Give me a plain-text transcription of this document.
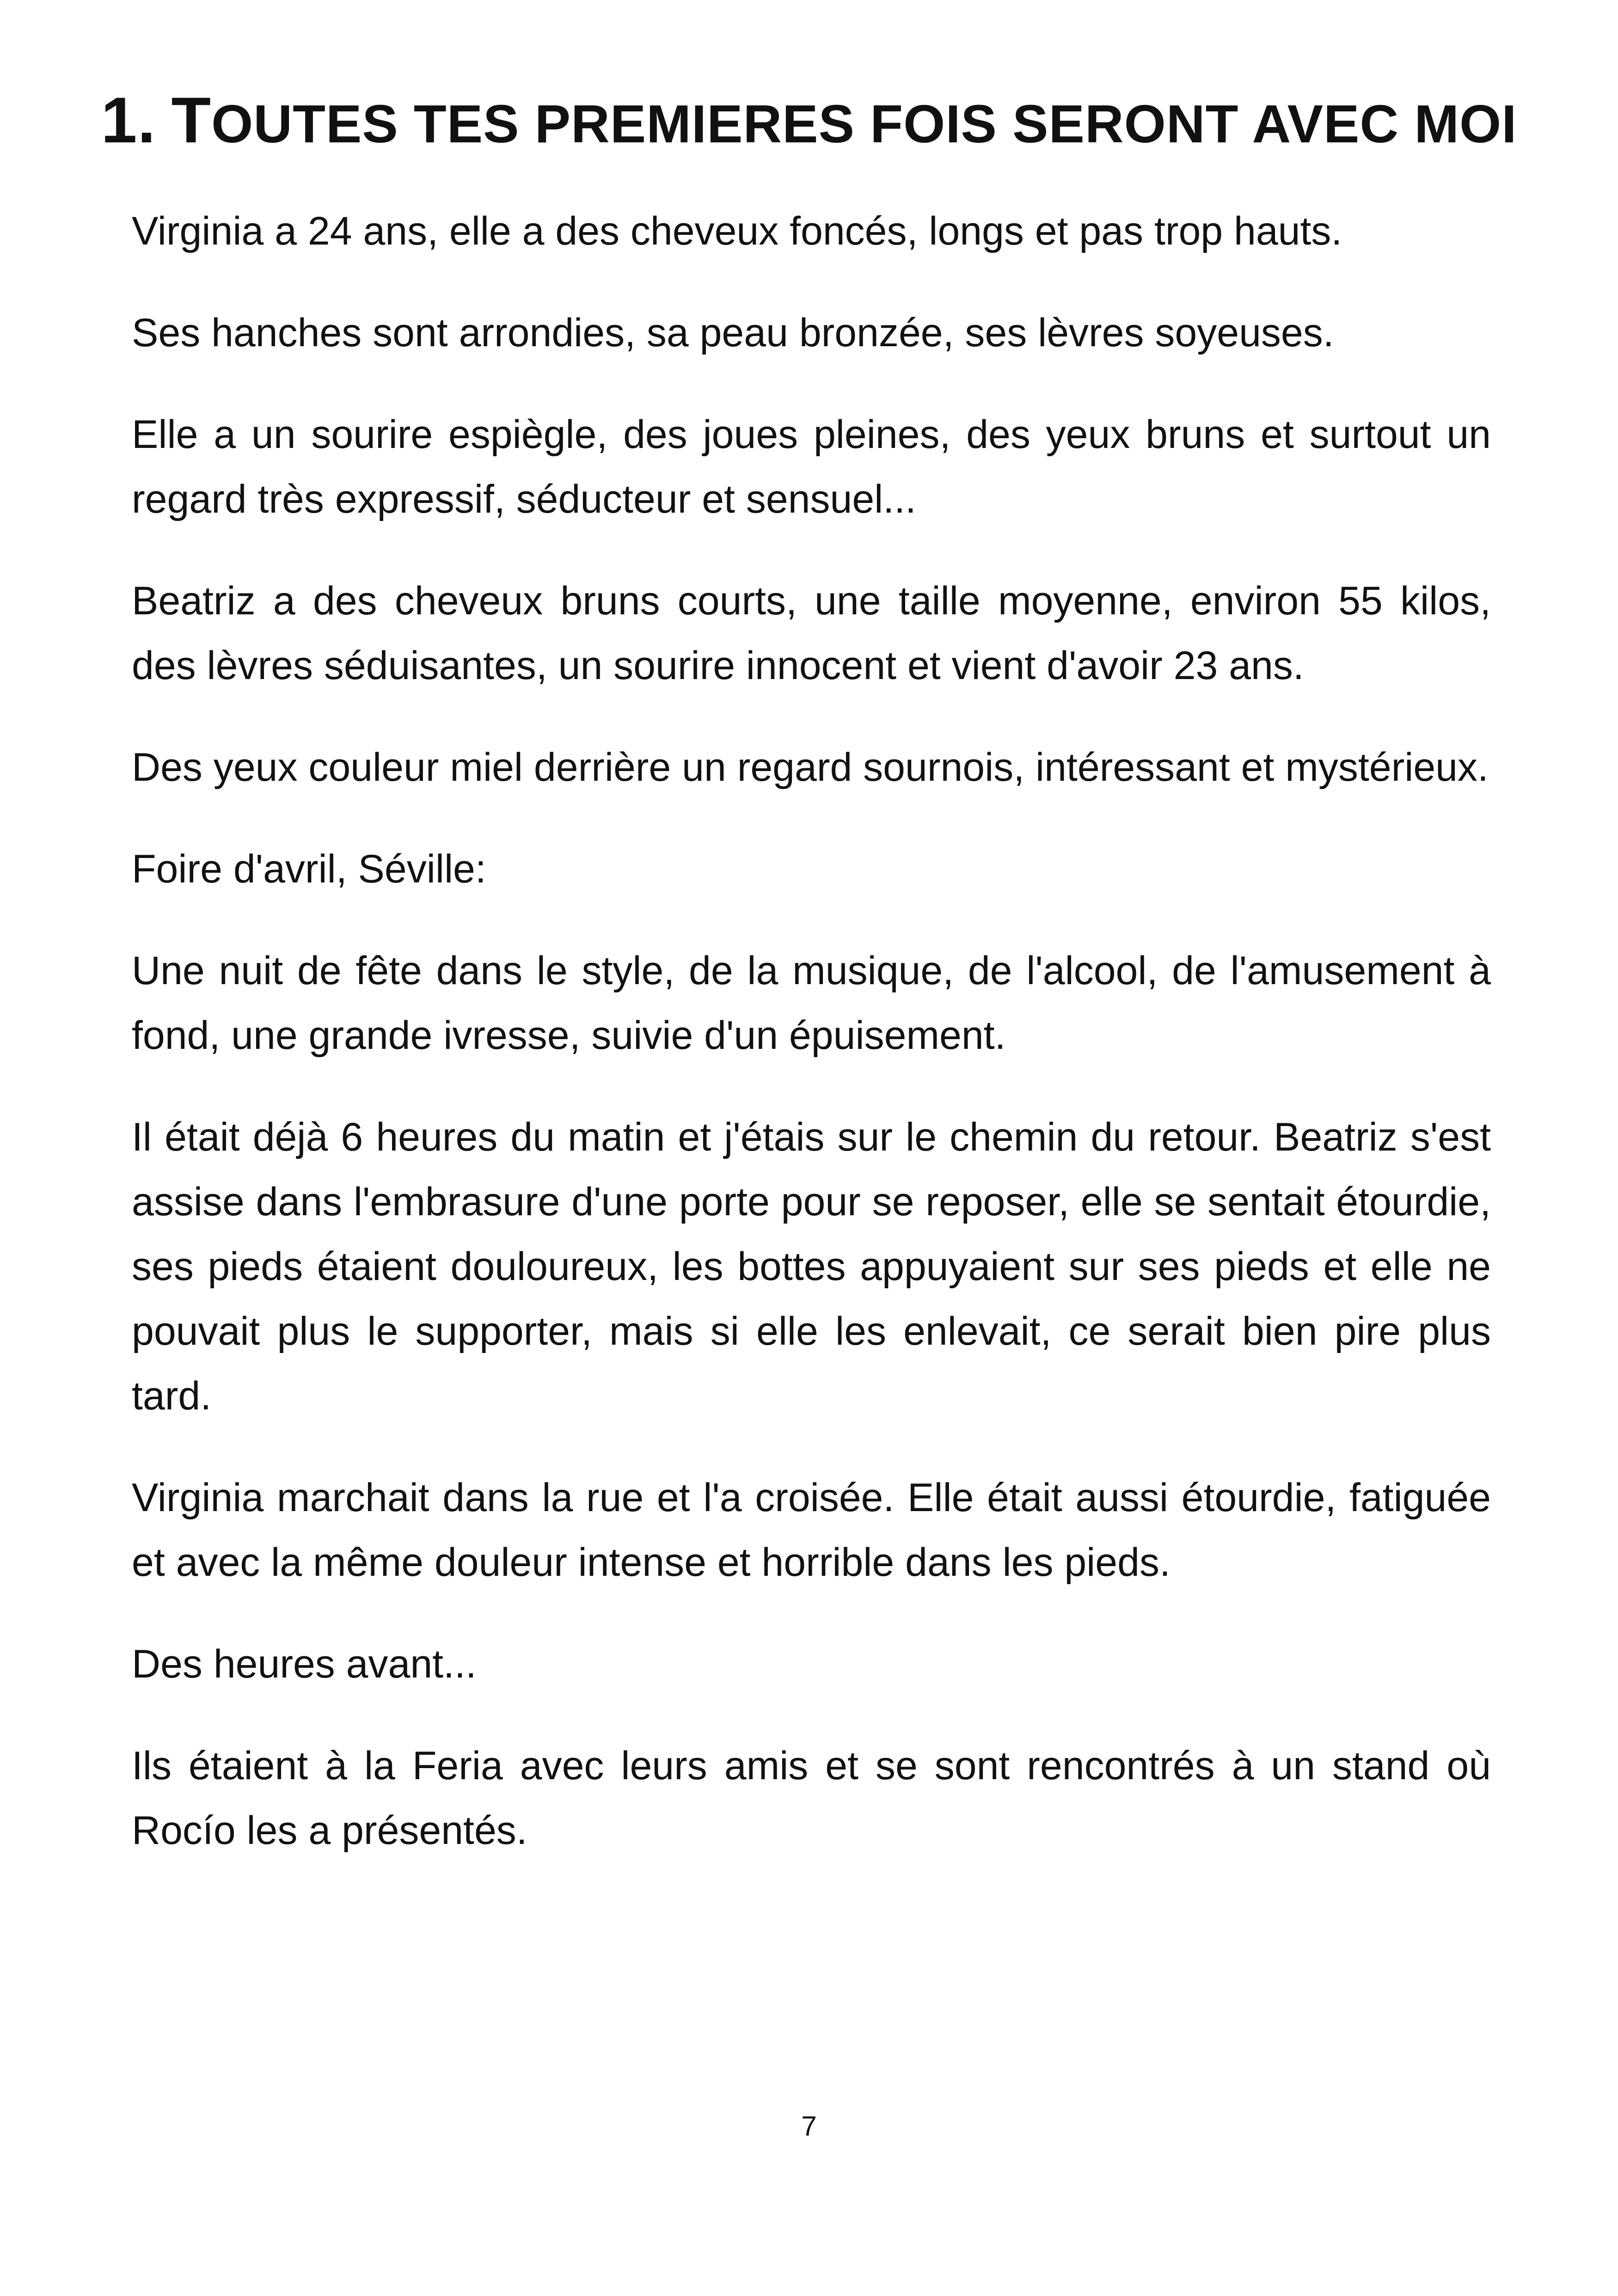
1. TOUTES TES PREMIERES FOIS SERONT AVEC MOI

Virginia a 24 ans, elle a des cheveux foncés, longs et pas trop hauts.

Ses hanches sont arrondies, sa peau bronzée, ses lèvres soyeuses.

Elle a un sourire espiègle, des joues pleines, des yeux bruns et surtout un regard très expressif, séducteur et sensuel...

Beatriz a des cheveux bruns courts, une taille moyenne, environ 55 kilos, des lèvres séduisantes, un sourire innocent et vient d'avoir 23 ans.

Des yeux couleur miel derrière un regard sournois, intéressant et mystérieux.

Foire d'avril, Séville:

Une nuit de fête dans le style, de la musique, de l'alcool, de l'amusement à fond, une grande ivresse, suivie d'un épuisement.

Il était déjà 6 heures du matin et j'étais sur le chemin du retour. Beatriz s'est assise dans l'embrasure d'une porte pour se reposer, elle se sentait étourdie, ses pieds étaient douloureux, les bottes appuyaient sur ses pieds et elle ne pouvait plus le supporter, mais si elle les enlevait, ce serait bien pire plus tard.

Virginia marchait dans la rue et l'a croisée. Elle était aussi étourdie, fatiguée et avec la même douleur intense et horrible dans les pieds.

Des heures avant...

Ils étaient à la Feria avec leurs amis et se sont rencontrés à un stand où Rocío les a présentés.

7
